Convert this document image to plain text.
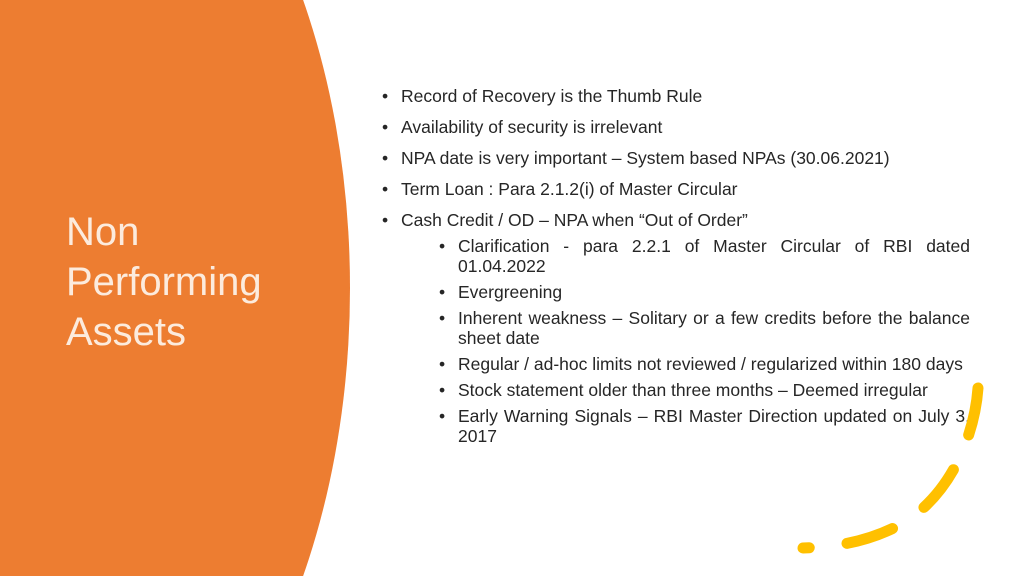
Non
Performing
Assets
• Record of Recovery is the Thumb Rule
• Availability of security is irrelevant
• NPA date is very important – System based NPAs (30.06.2021)
• Term Loan : Para 2.1.2(i) of Master Circular
• Cash Credit / OD – NPA when “Out of Order”
• Clarification - para 2.2.1 of Master Circular of RBI dated 01.04.2022
• Evergreening
• Inherent weakness – Solitary or a few credits before the balance sheet date
• Regular / ad-hoc limits not reviewed / regularized within 180 days
• Stock statement older than three months – Deemed irregular
• Early Warning Signals – RBI Master Direction updated on July 3, 2017
